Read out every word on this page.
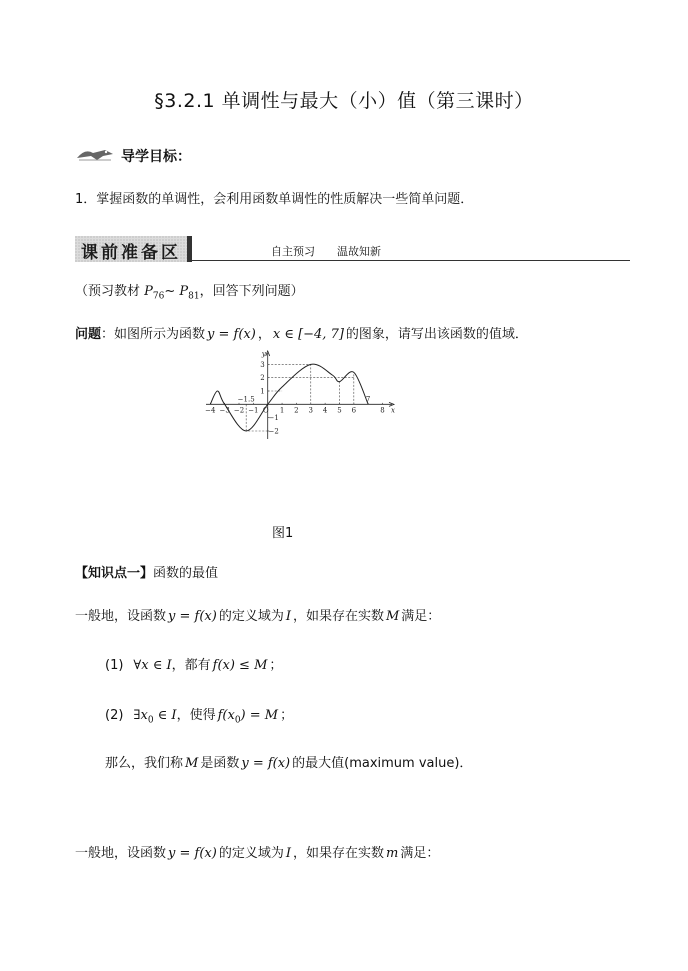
§3.2.1 单调性与最大（小）值（第三课时）
导学目标：
1．掌握函数的单调性，会利用函数单调性的性质解决一些简单问题．
课前准备区	自主预习　　温故知新
（预习教材 $P_{76}\sim$ $P_{81}$，回答下列问题）
问题：如图所示为函数 y = f(x) ， x ∈ [−4, 7] 的图象，请写出该函数的值域．
x
y
−4 −3 −2 −1 O 1 2 3 4 5 6
7
8
3
2
1
−1
−2
−1.5
图1
【知识点一】函数的最值
一般地，设函数 y = f(x) 的定义域为 I ，如果存在实数 M 满足：
(1) ∀x ∈ I，都有 f(x) ≤ M ；
(2) $\exists x_0$ ∈ I，使得 $f(x_0) = M$ ；
那么，我们称 M 是函数 y = f(x) 的最大值(maximum value)．
一般地，设函数 y = f(x) 的定义域为 I ，如果存在实数 m 满足：
